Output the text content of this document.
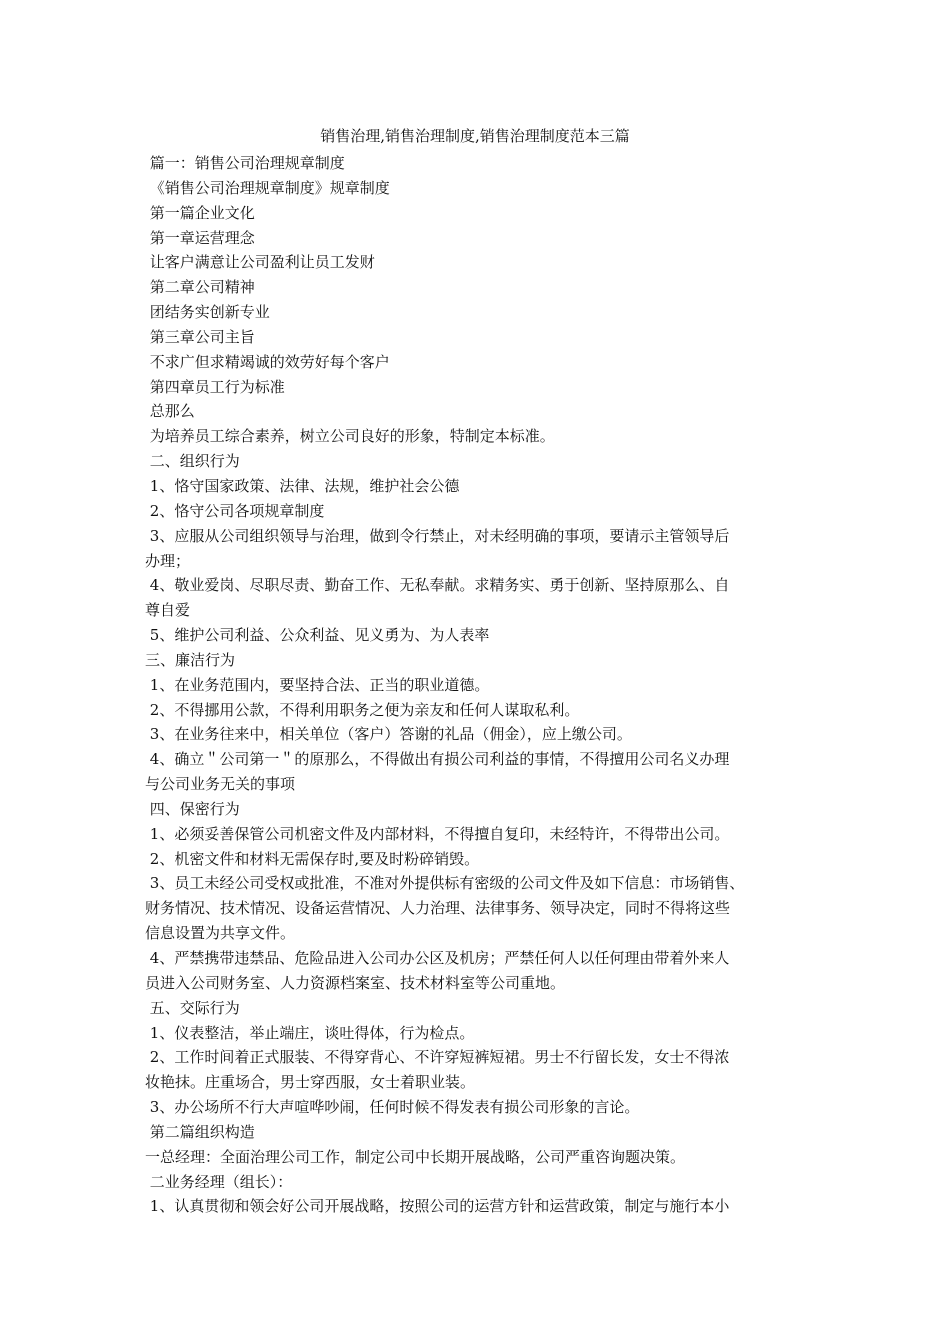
销售治理,销售治理制度,销售治理制度范本三篇

篇一：销售公司治理规章制度

《销售公司治理规章制度》规章制度

第一篇企业文化

第一章运营理念

让客户满意让公司盈利让员工发财

第二章公司精神

团结务实创新专业

第三章公司主旨

不求广但求精竭诚的效劳好每个客户

第四章员工行为标准

总那么

为培养员工综合素养，树立公司良好的形象，特制定本标准。

二、组织行为

1、恪守国家政策、法律、法规，维护社会公德

2、恪守公司各项规章制度

3、应服从公司组织领导与治理，做到令行禁止，对未经明确的事项，要请示主管领导后

办理；

4、敬业爱岗、尽职尽责、勤奋工作、无私奉献。求精务实、勇于创新、坚持原那么、自

尊自爱

5、维护公司利益、公众利益、见义勇为、为人表率

三、廉洁行为

1、在业务范围内，要坚持合法、正当的职业道德。

2、不得挪用公款，不得利用职务之便为亲友和任何人谋取私利。

3、在业务往来中，相关单位（客户）答谢的礼品（佣金），应上缴公司。

4、确立＂公司第一＂的原那么，不得做出有损公司利益的事情，不得擅用公司名义办理

与公司业务无关的事项

四、保密行为

1、必须妥善保管公司机密文件及内部材料，不得擅自复印，未经特许，不得带出公司。

2、机密文件和材料无需保存时,要及时粉碎销毁。

3、员工未经公司受权或批准，不准对外提供标有密级的公司文件及如下信息：市场销售、

财务情况、技术情况、设备运营情况、人力治理、法律事务、领导决定，同时不得将这些

信息设置为共享文件。

4、严禁携带违禁品、危险品进入公司办公区及机房；严禁任何人以任何理由带着外来人

员进入公司财务室、人力资源档案室、技术材料室等公司重地。

五、交际行为

1、仪表整洁，举止端庄，谈吐得体，行为检点。

2、工作时间着正式服装、不得穿背心、不许穿短裤短裙。男士不行留长发，女士不得浓

妆艳抹。庄重场合，男士穿西服，女士着职业装。

3、办公场所不行大声喧哗吵闹，任何时候不得发表有损公司形象的言论。

第二篇组织构造

一总经理：全面治理公司工作，制定公司中长期开展战略，公司严重咨询题决策。

二业务经理（组长）：

1、认真贯彻和领会好公司开展战略，按照公司的运营方针和运营政策，制定与施行本小
